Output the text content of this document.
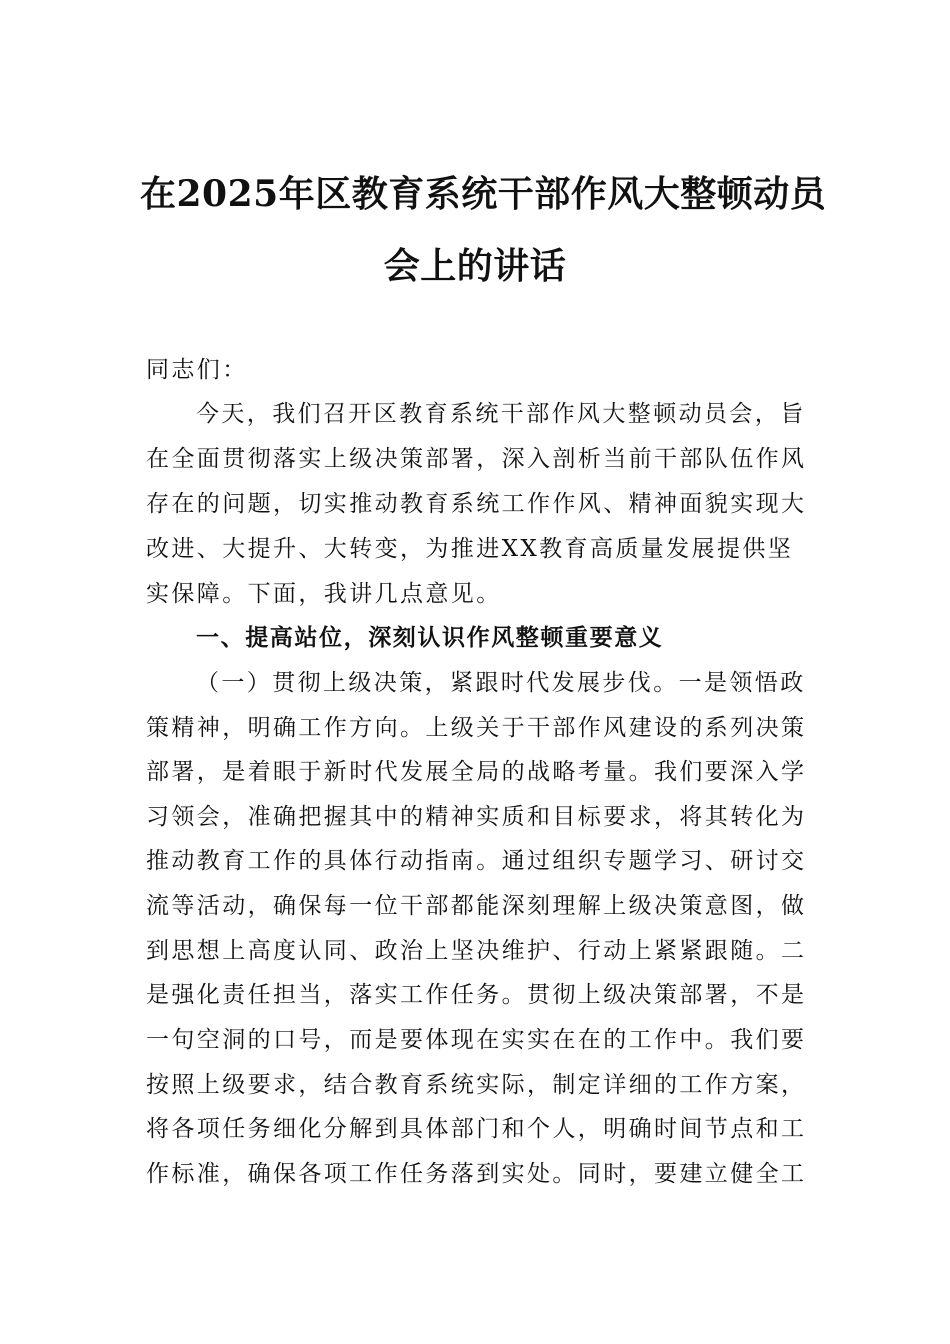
在2025年区教育系统干部作风大整顿动员
会上的讲话
同志们：
今天，我们召开区教育系统干部作风大整顿动员会，旨
在全面贯彻落实上级决策部署，深入剖析当前干部队伍作风
存在的问题，切实推动教育系统工作作风、精神面貌实现大
改进、大提升、大转变，为推进XX教育高质量发展提供坚
实保障。下面，我讲几点意见。
一、提高站位，深刻认识作风整顿重要意义
（一）贯彻上级决策，紧跟时代发展步伐。一是领悟政
策精神，明确工作方向。上级关于干部作风建设的系列决策
部署，是着眼于新时代发展全局的战略考量。我们要深入学
习领会，准确把握其中的精神实质和目标要求，将其转化为
推动教育工作的具体行动指南。通过组织专题学习、研讨交
流等活动，确保每一位干部都能深刻理解上级决策意图，做
到思想上高度认同、政治上坚决维护、行动上紧紧跟随。二
是强化责任担当，落实工作任务。贯彻上级决策部署，不是
一句空洞的口号，而是要体现在实实在在的工作中。我们要
按照上级要求，结合教育系统实际，制定详细的工作方案，
将各项任务细化分解到具体部门和个人，明确时间节点和工
作标准，确保各项工作任务落到实处。同时，要建立健全工
